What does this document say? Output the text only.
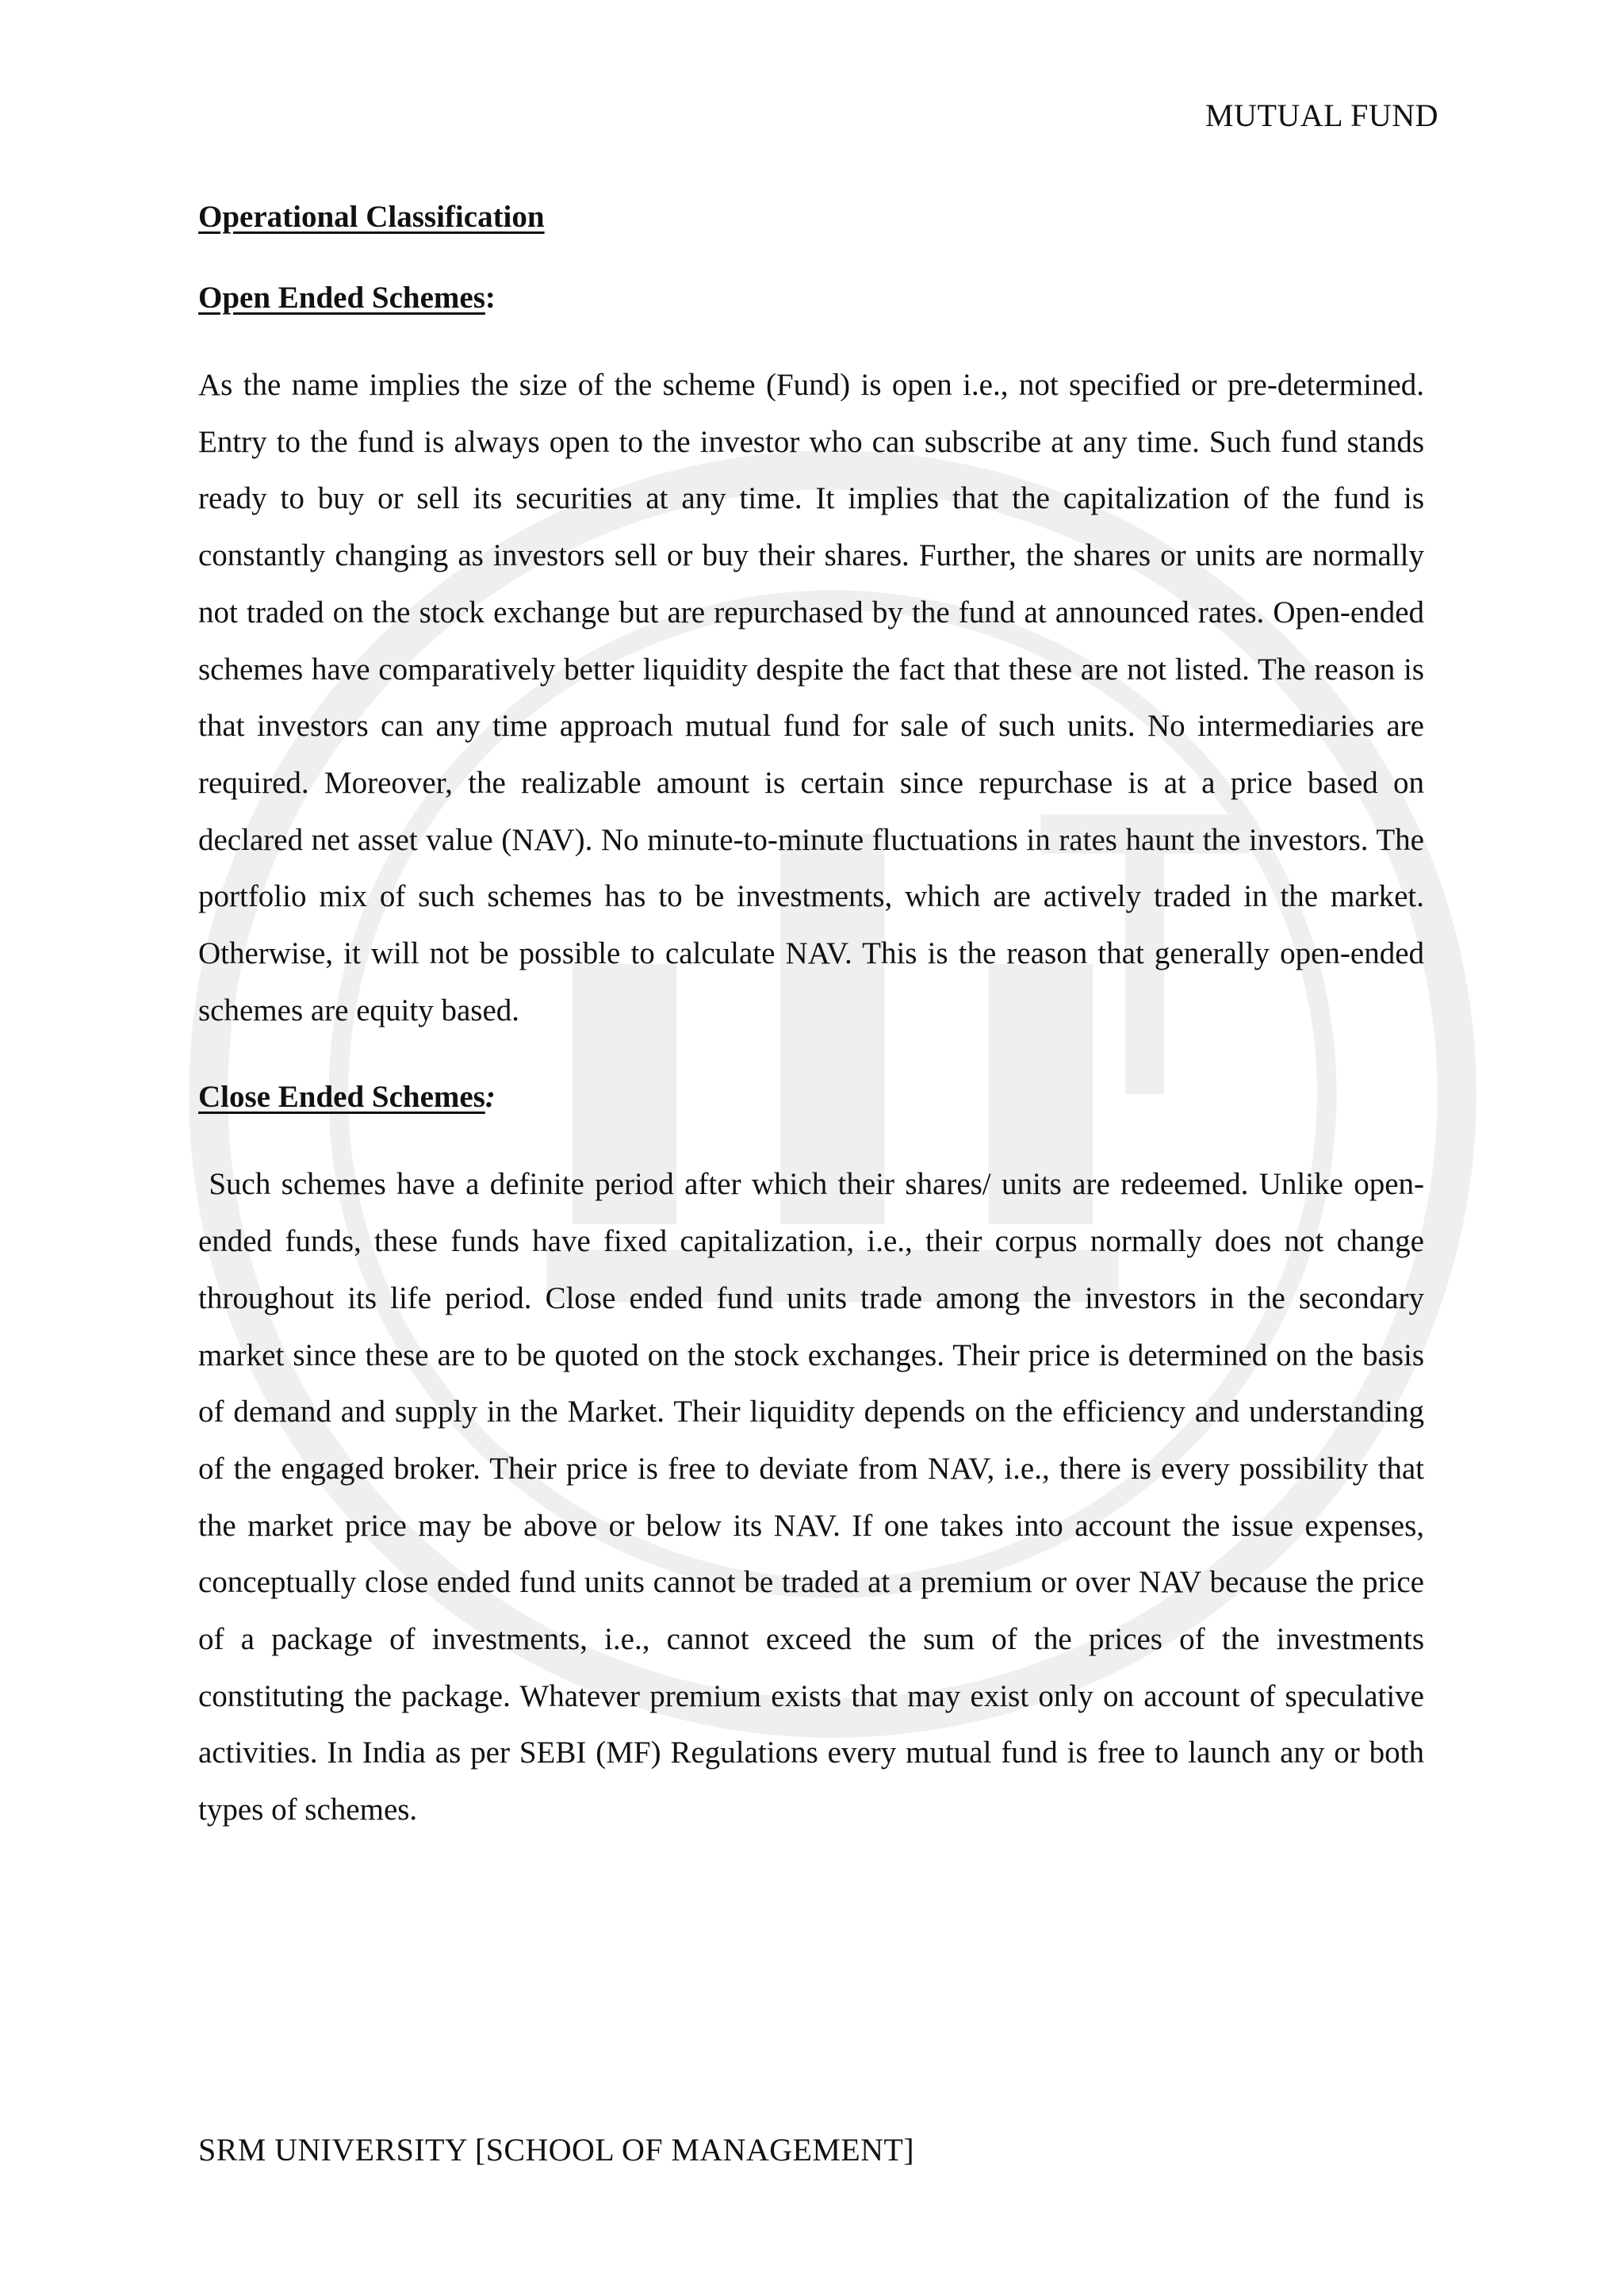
MUTUAL FUND
Operational Classification
Open Ended Schemes:

As the name implies the size of the scheme (Fund) is open i.e., not specified or pre-determined. Entry to the fund is always open to the investor who can subscribe at any time. Such fund stands ready to buy or sell its securities at any time. It implies that the capitalization of the fund is constantly changing as investors sell or buy their shares. Further, the shares or units are normally not traded on the stock exchange but are repurchased by the fund at announced rates. Open-ended schemes have comparatively better liquidity despite the fact that these are not listed. The reason is that investors can any time approach mutual fund for sale of such units. No intermediaries are required. Moreover, the realizable amount is certain since repurchase is at a price based on declared net asset value (NAV). No minute-to-minute fluctuations in rates haunt the investors. The portfolio mix of such schemes has to be investments, which are actively traded in the market. Otherwise, it will not be possible to calculate NAV. This is the reason that generally open-ended schemes are equity based.

Close Ended Schemes:

Such schemes have a definite period after which their shares/ units are redeemed. Unlike open-ended funds, these funds have fixed capitalization, i.e., their corpus normally does not change throughout its life period. Close ended fund units trade among the investors in the secondary market since these are to be quoted on the stock exchanges. Their price is determined on the basis of demand and supply in the Market. Their liquidity depends on the efficiency and understanding of the engaged broker. Their price is free to deviate from NAV, i.e., there is every possibility that the market price may be above or below its NAV. If one takes into account the issue expenses, conceptually close ended fund units cannot be traded at a premium or over NAV because the price of a package of investments, i.e., cannot exceed the sum of the prices of the investments constituting the package. Whatever premium exists that may exist only on account of speculative activities. In India as per SEBI (MF) Regulations every mutual fund is free to launch any or both types of schemes.

SRM UNIVERSITY [SCHOOL OF MANAGEMENT]
